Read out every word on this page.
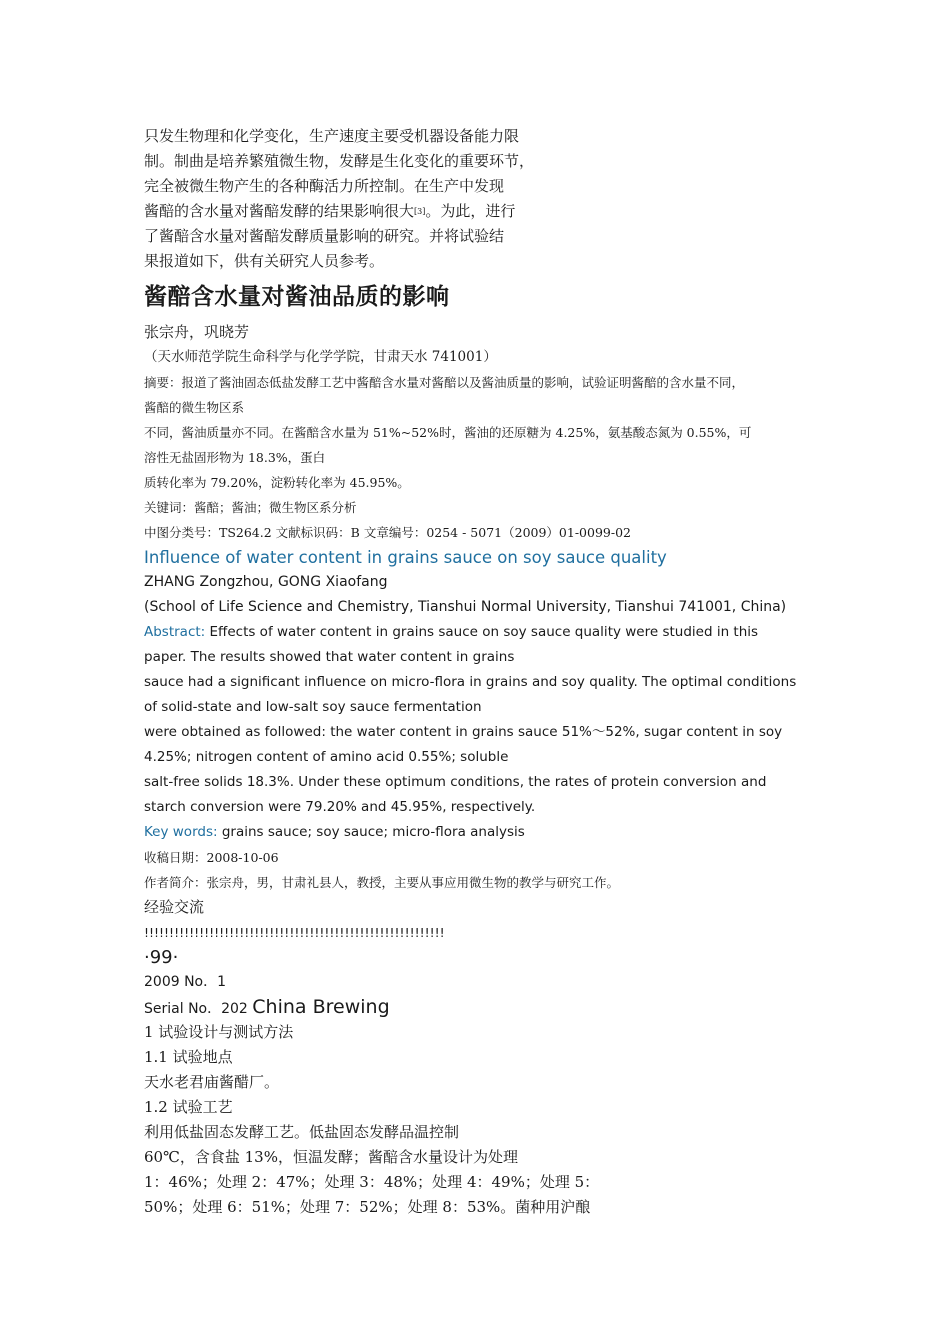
只发生物理和化学变化，生产速度主要受机器设备能力限
制。制曲是培养繁殖微生物，发酵是生化变化的重要环节，
完全被微生物产生的各种酶活力所控制。在生产中发现
酱醅的含水量对酱醅发酵的结果影响很大[3]。为此，进行
了酱醅含水量对酱醅发酵质量影响的研究。并将试验结
果报道如下，供有关研究人员参考。
酱醅含水量对酱油品质的影响
张宗舟，巩晓芳
（天水师范学院生命科学与化学学院，甘肃天水 741001）
摘要：报道了酱油固态低盐发酵工艺中酱醅含水量对酱醅以及酱油质量的影响，试验证明酱醅的含水量不同，
酱醅的微生物区系
不同，酱油质量亦不同。在酱醅含水量为 51%~52%时，酱油的还原糖为 4.25%，氨基酸态氮为 0.55%，可
溶性无盐固形物为 18.3%，蛋白
质转化率为 79.20%，淀粉转化率为 45.95%。
关键词：酱醅；酱油；微生物区系分析
中图分类号：TS264.2 文献标识码：B 文章编号：0254 - 5071（2009）01-0099-02
Influence of water content in grains sauce on soy sauce quality
ZHANG Zongzhou, GONG Xiaofang
(School of Life Science and Chemistry, Tianshui Normal University, Tianshui 741001, China)
Abstract: Effects of water content in grains sauce on soy sauce quality were studied in this
paper. The results showed that water content in grains
sauce had a significant influence on micro-flora in grains and soy quality. The optimal conditions
of solid-state and low-salt soy sauce fermentation
were obtained as followed: the water content in grains sauce 51%～52%, sugar content in soy
4.25%; nitrogen content of amino acid 0.55%; soluble
salt-free solids 18.3%. Under these optimum conditions, the rates of protein conversion and
starch conversion were 79.20% and 45.95%, respectively.
Key words: grains sauce; soy sauce; micro-flora analysis
收稿日期：2008-10-06
作者简介：张宗舟，男，甘肃礼县人，教授，主要从事应用微生物的教学与研究工作。
经验交流
!!!!!!!!!!!!!!!!!!!!!!!!!!!!!!!!!!!!!!!!!!!!!!!!!!!!!!!!!!!!
·99·
2009 No．1
Serial No．202 China Brewing
1 试验设计与测试方法
1.1 试验地点
天水老君庙酱醋厂。
1.2 试验工艺
利用低盐固态发酵工艺。低盐固态发酵品温控制
60℃，含食盐 13%，恒温发酵；酱醅含水量设计为处理
1：46%；处理 2：47%；处理 3：48%；处理 4：49%；处理 5：
50%；处理 6：51%；处理 7：52%；处理 8：53%。菌种用沪酿
